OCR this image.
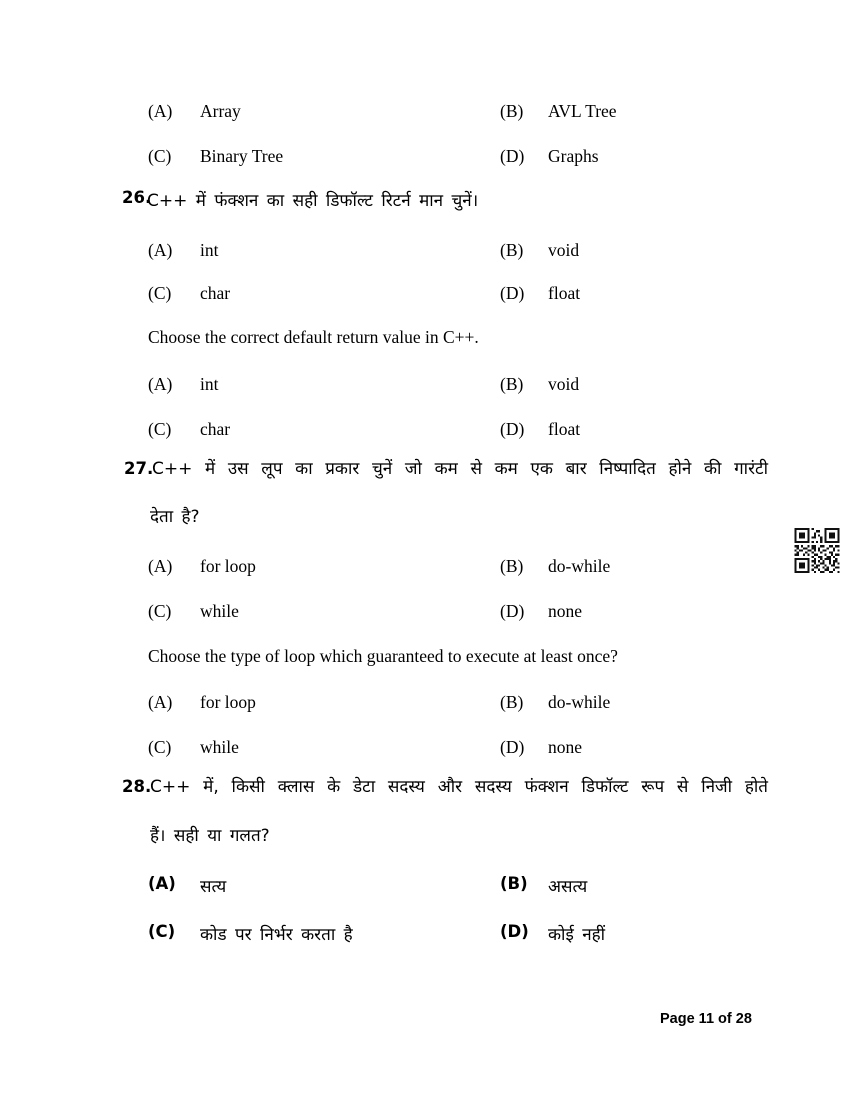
(A) Array	(B) AVL Tree
(C) Binary Tree	(D) Graphs
26.
C++ में फंक्शन का सही डिफॉल्ट रिटर्न मान चुनें।
(A) int	(B) void
(C) char	(D) float
Choose the correct default return value in C++.
(A) int	(B) void
(C) char	(D) float
27.
C++ में उस लूप का प्रकार चुनें जो कम से कम एक बार निष्पादित होने की गारंटी
देता है?
(A) for loop	(B) do-while
(C) while	(D) none
Choose the type of loop which guaranteed to execute at least once?
(A) for loop	(B) do-while
(C) while	(D) none
28.
C++ में, किसी क्लास के डेटा सदस्य और सदस्य फंक्शन डिफॉल्ट रूप से निजी होते
हैं। सही या गलत?
(A) सत्य	(B) असत्य
(C) कोड पर निर्भर करता है	(D) कोई नहीं
Page 11 of 28
